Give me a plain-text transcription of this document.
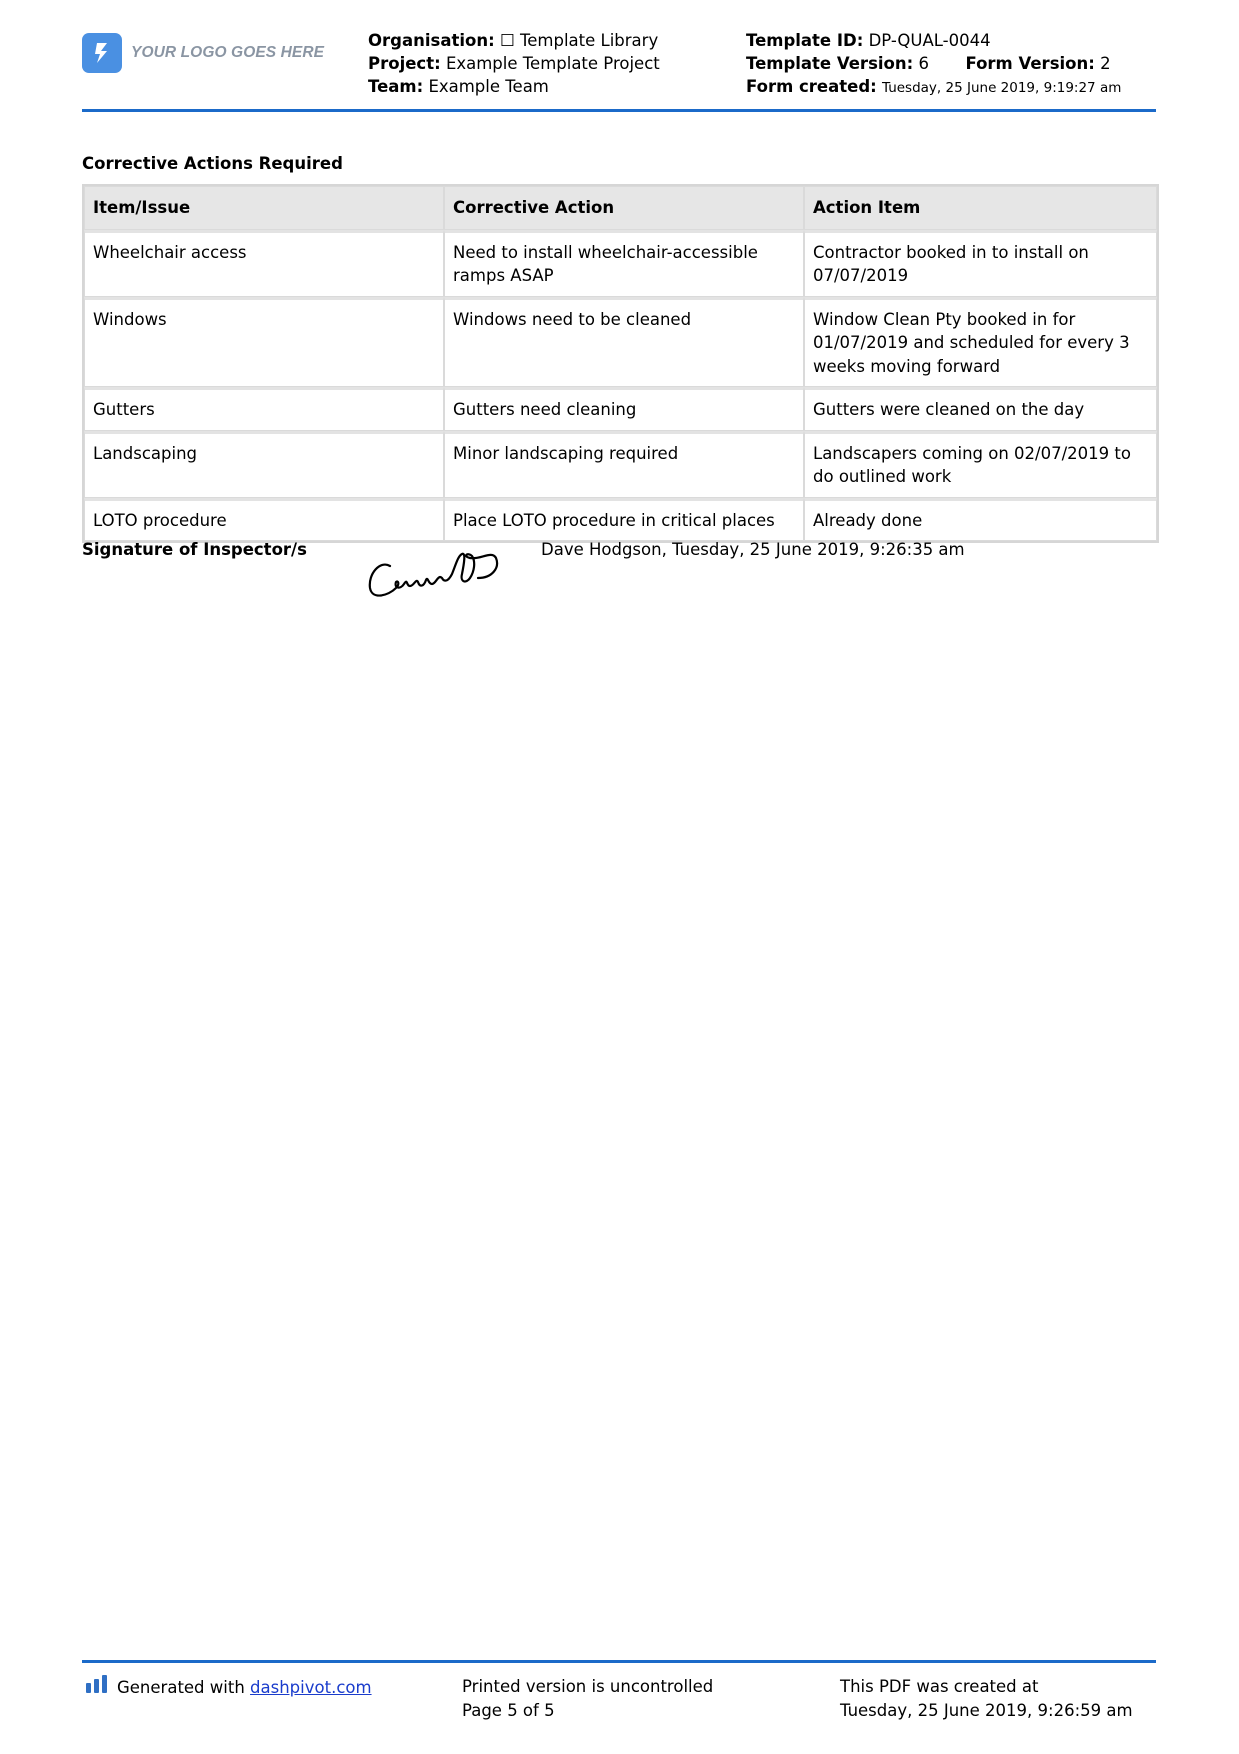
YOUR LOGO GOES HERE
Organisation: ☐ Template Library
Project: Example Template Project
Team: Example Team
Template ID: DP-QUAL-0044
Template Version: 6 Form Version: 2
Form created: Tuesday, 25 June 2019, 9:19:27 am
Corrective Actions Required
Item/Issue	Corrective Action	Action Item
Wheelchair access	Need to install wheelchair-accessible ramps ASAP	Contractor booked in to install on 07/07/2019
Windows	Windows need to be cleaned	Window Clean Pty booked in for 01/07/2019 and scheduled for every 3 weeks moving forward
Gutters	Gutters need cleaning	Gutters were cleaned on the day
Landscaping	Minor landscaping required	Landscapers coming on 02/07/2019 to do outlined work
LOTO procedure	Place LOTO procedure in critical places	Already done
Signature of Inspector/s	Dave Hodgson, Tuesday, 25 June 2019, 9:26:35 am
Generated with
dashpivot.com	Printed version is uncontrolled
Page 5 of 5
This PDF was created at
Tuesday, 25 June 2019, 9:26:59 am
